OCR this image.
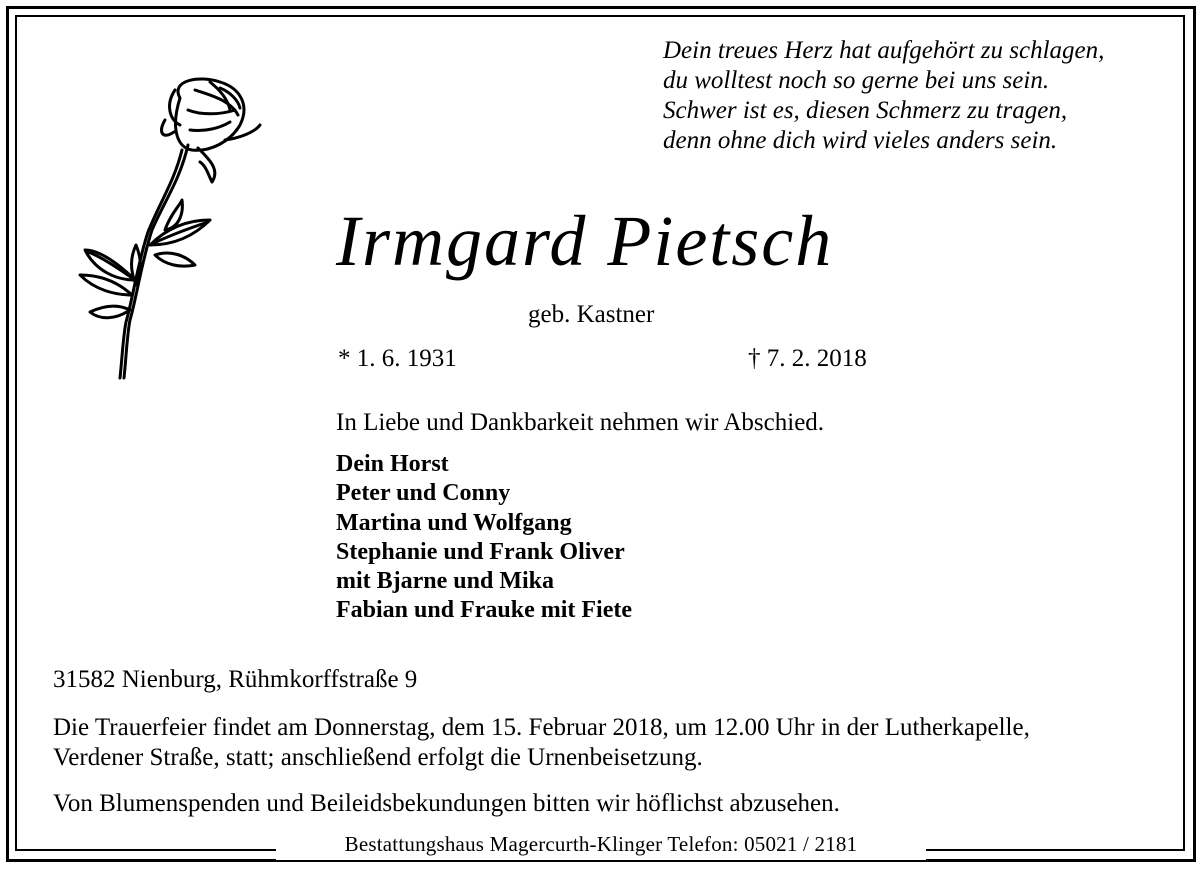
Dein treues Herz hat aufgehört zu schlagen,
du wolltest noch so gerne bei uns sein.
Schwer ist es, diesen Schmerz zu tragen,
denn ohne dich wird vieles anders sein.
Irmgard Pietsch
geb. Kastner
* 1. 6. 1931	† 7. 2. 2018
In Liebe und Dankbarkeit nehmen wir Abschied.
Dein Horst
Peter und Conny
Martina und Wolfgang
Stephanie und Frank Oliver
mit Bjarne und Mika
Fabian und Frauke mit Fiete
31582 Nienburg, Rühmkorffstraße 9
Die Trauerfeier findet am Donnerstag, dem 15. Februar 2018, um 12.00 Uhr in der Lutherkapelle,
Verdener Straße, statt; anschließend erfolgt die Urnenbeisetzung.
Von Blumenspenden und Beileidsbekundungen bitten wir höflichst abzusehen.
Bestattungshaus Magercurth-Klinger Telefon: 05021 / 2181
